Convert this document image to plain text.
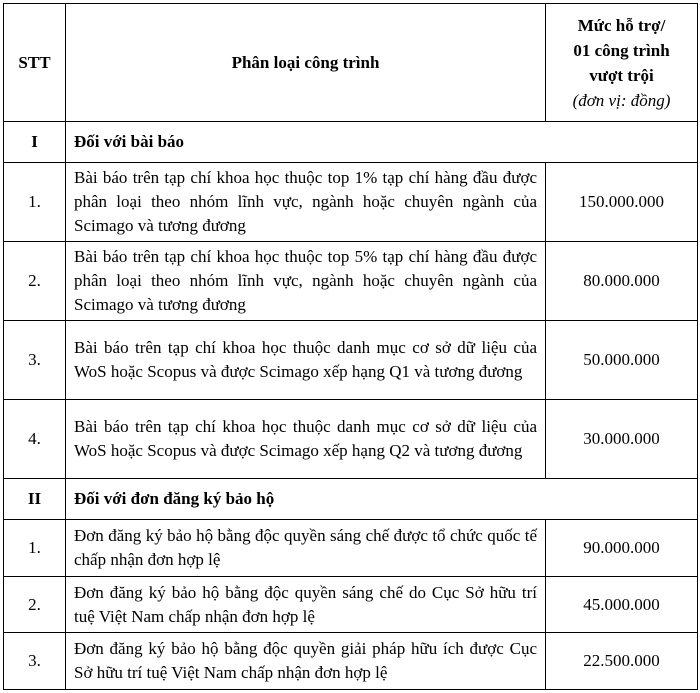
STT	Phân loại công trình	Mức hỗ trợ/
01 công trình
vượt trội
(đơn vị: đồng)

I	Đối với bài báo	
1.	Bài báo trên tạp chí khoa học thuộc top 1% tạp chí hàng đầu được phân loại theo nhóm lĩnh vực, ngành hoặc chuyên ngành của Scimago và tương đương	150.000.000
2.	Bài báo trên tạp chí khoa học thuộc top 5% tạp chí hàng đầu được phân loại theo nhóm lĩnh vực, ngành hoặc chuyên ngành của Scimago và tương đương	80.000.000
3.	Bài báo trên tạp chí khoa học thuộc danh mục cơ sở dữ liệu của WoS hoặc Scopus và được Scimago xếp hạng Q1 và tương đương	50.000.000
4.	Bài báo trên tạp chí khoa học thuộc danh mục cơ sở dữ liệu của WoS hoặc Scopus và được Scimago xếp hạng Q2 và tương đương	30.000.000
II	Đối với đơn đăng ký bảo hộ	
1.	Đơn đăng ký bảo hộ bằng độc quyền sáng chế được tổ chức quốc tế chấp nhận đơn hợp lệ	90.000.000
2.	Đơn đăng ký bảo hộ bằng độc quyền sáng chế do Cục Sở hữu trí tuệ Việt Nam chấp nhận đơn hợp lệ	45.000.000
3.	Đơn đăng ký bảo hộ bằng độc quyền giải pháp hữu ích được Cục Sở hữu trí tuệ Việt Nam chấp nhận đơn hợp lệ	22.500.000
